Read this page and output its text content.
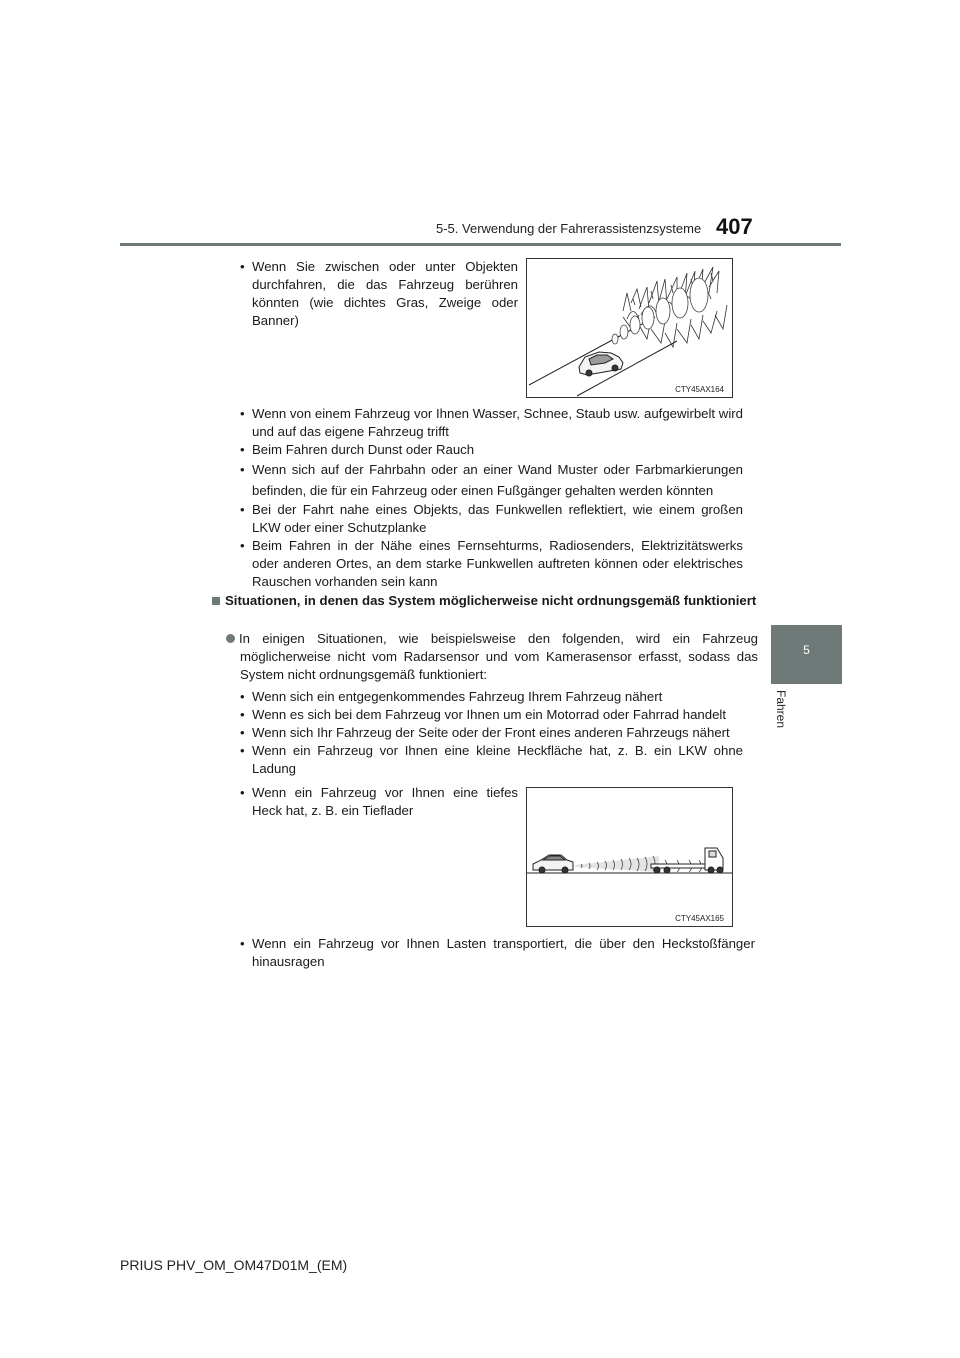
5-5. Verwendung der Fahrerassistenzsysteme 407
5
Fahren
• Wenn Sie zwischen oder unter Objekten durchfahren, die das Fahrzeug berühren könnten (wie dichtes Gras, Zweige oder Banner)
CTY45AX164
• Wenn von einem Fahrzeug vor Ihnen Wasser, Schnee, Staub usw. aufgewirbelt wird und auf das eigene Fahrzeug trifft
• Beim Fahren durch Dunst oder Rauch
• Wenn sich auf der Fahrbahn oder an einer Wand Muster oder Farbmarkierungen befinden, die für ein Fahrzeug oder einen Fußgänger gehalten werden könnten
• Bei der Fahrt nahe eines Objekts, das Funkwellen reflektiert, wie einem großen LKW oder einer Schutzplanke
• Beim Fahren in der Nähe eines Fernsehturms, Radiosenders, Elektrizitätswerks oder anderen Ortes, an dem starke Funkwellen auftreten können oder elektrisches Rauschen vorhanden sein kann
Situationen, in denen das System möglicherweise nicht ordnungsgemäß funktioniert
In einigen Situationen, wie beispielsweise den folgenden, wird ein Fahrzeug möglicherweise nicht vom Radarsensor und vom Kamerasensor erfasst, sodass das System nicht ordnungsgemäß funktioniert:
• Wenn sich ein entgegenkommendes Fahrzeug Ihrem Fahrzeug nähert
• Wenn es sich bei dem Fahrzeug vor Ihnen um ein Motorrad oder Fahrrad handelt
• Wenn sich Ihr Fahrzeug der Seite oder der Front eines anderen Fahrzeugs nähert
• Wenn ein Fahrzeug vor Ihnen eine kleine Heckfläche hat, z. B. ein LKW ohne Ladung
• Wenn ein Fahrzeug vor Ihnen eine tiefes Heck hat, z. B. ein Tieflader
CTY45AX165
• Wenn ein Fahrzeug vor Ihnen Lasten transportiert, die über den Heckstoßfänger hinausragen
PRIUS PHV_OM_OM47D01M_(EM)
